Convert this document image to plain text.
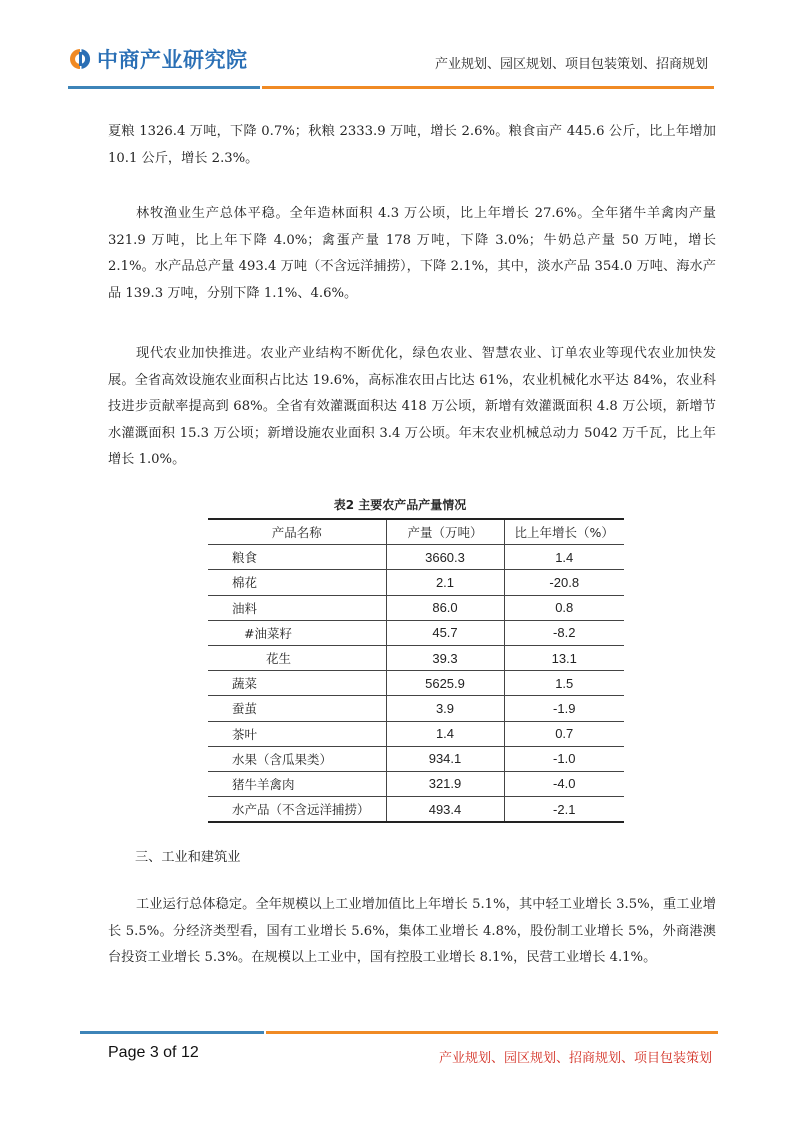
中商产业研究院	产业规划、园区规划、项目包装策划、招商规划

夏粮 1326.4 万吨，下降 0.7%；秋粮 2333.9 万吨，增长 2.6%。粮食亩产 445.6 公斤，比上年增加 10.1 公斤，增长 2.3%。

林牧渔业生产总体平稳。全年造林面积 4.3 万公顷，比上年增长 27.6%。全年猪牛羊禽肉产量 321.9 万吨，比上年下降 4.0%；禽蛋产量 178 万吨，下降 3.0%；牛奶总产量 50 万吨，增长 2.1%。水产品总产量 493.4 万吨（不含远洋捕捞），下降 2.1%，其中，淡水产品 354.0 万吨、海水产品 139.3 万吨，分别下降 1.1%、4.6%。

现代农业加快推进。农业产业结构不断优化，绿色农业、智慧农业、订单农业等现代农业加快发展。全省高效设施农业面积占比达 19.6%，高标准农田占比达 61%，农业机械化水平达 84%，农业科技进步贡献率提高到 68%。全省有效灌溉面积达 418 万公顷，新增有效灌溉面积 4.8 万公顷，新增节水灌溉面积 15.3 万公顷；新增设施农业面积 3.4 万公顷。年末农业机械总动力 5042 万千瓦，比上年增长 1.0%。

表2 主要农产品产量情况
产品名称	产量（万吨）	比上年增长（%）
粮食	3660.3	1.4
棉花	2.1	-20.8
油料	86.0	0.8
#油菜籽	45.7	-8.2
花生	39.3	13.1
蔬菜	5625.9	1.5
蚕茧	3.9	-1.9
茶叶	1.4	0.7
水果（含瓜果类）	934.1	-1.0
猪牛羊禽肉	321.9	-4.0
水产品（不含远洋捕捞）	493.4	-2.1

三、工业和建筑业

工业运行总体稳定。全年规模以上工业增加值比上年增长 5.1%，其中轻工业增长 3.5%，重工业增长 5.5%。分经济类型看，国有工业增长 5.6%，集体工业增长 4.8%，股份制工业增长 5%，外商港澳台投资工业增长 5.3%。在规模以上工业中，国有控股工业增长 8.1%，民营工业增长 4.1%。

Page 3 of 12	产业规划、园区规划、招商规划、项目包装策划
